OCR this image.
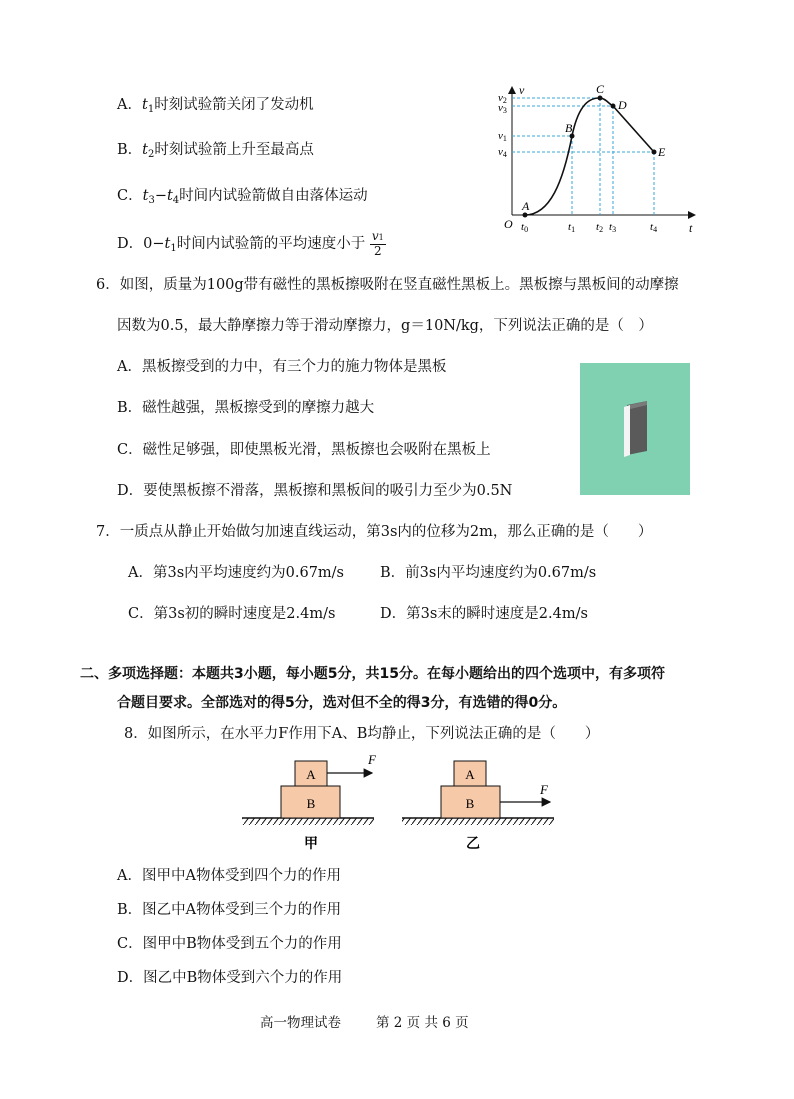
A．$t_1$时刻试验箭关闭了发动机
B．$t_2$时刻试验箭上升至最高点
C．$t_3-t_4$时间内试验箭做自由落体运动
D．$0-t_1$时间内试验箭的平均速度小于 $\frac{v1}{2}$
v
t
O
A
B
C
D
E
v2
v3
v1
v4
t0	t1 t2 t3	t4
6．如图，质量为100g带有磁性的黑板擦吸附在竖直磁性黑板上。黑板擦与黑板间的动摩擦
因数为0.5，最大静摩擦力等于滑动摩擦力，g＝10N/kg，下列说法正确的是（　）
A．黑板擦受到的力中，有三个力的施力物体是黑板
B．磁性越强，黑板擦受到的摩擦力越大
C．磁性足够强，即使黑板光滑，黑板擦也会吸附在黑板上
D．要使黑板擦不滑落，黑板擦和黑板间的吸引力至少为0.5N
7．一质点从静止开始做匀加速直线运动，第3s内的位移为2m，那么正确的是（　　）
A．第3s内平均速度约为0.67m/s B．前3s内平均速度约为0.67m/s
C．第3s初的瞬时速度是2.4m/s	D．第3s末的瞬时速度是2.4m/s
二、多项选择题：本题共3小题，每小题5分，共15分。在每小题给出的四个选项中，有多项符
合题目要求。全部选对的得5分，选对但不全的得3分，有选错的得0分。
8．如图所示，在水平力F作用下A、B均静止，下列说法正确的是（　　）
A
B
F
甲
A
B
F
乙
A．图甲中A物体受到四个力的作用
B．图乙中A物体受到三个力的作用
C．图甲中B物体受到五个力的作用
D．图乙中B物体受到六个力的作用
高一物理试卷	第 2 页 共 6 页
